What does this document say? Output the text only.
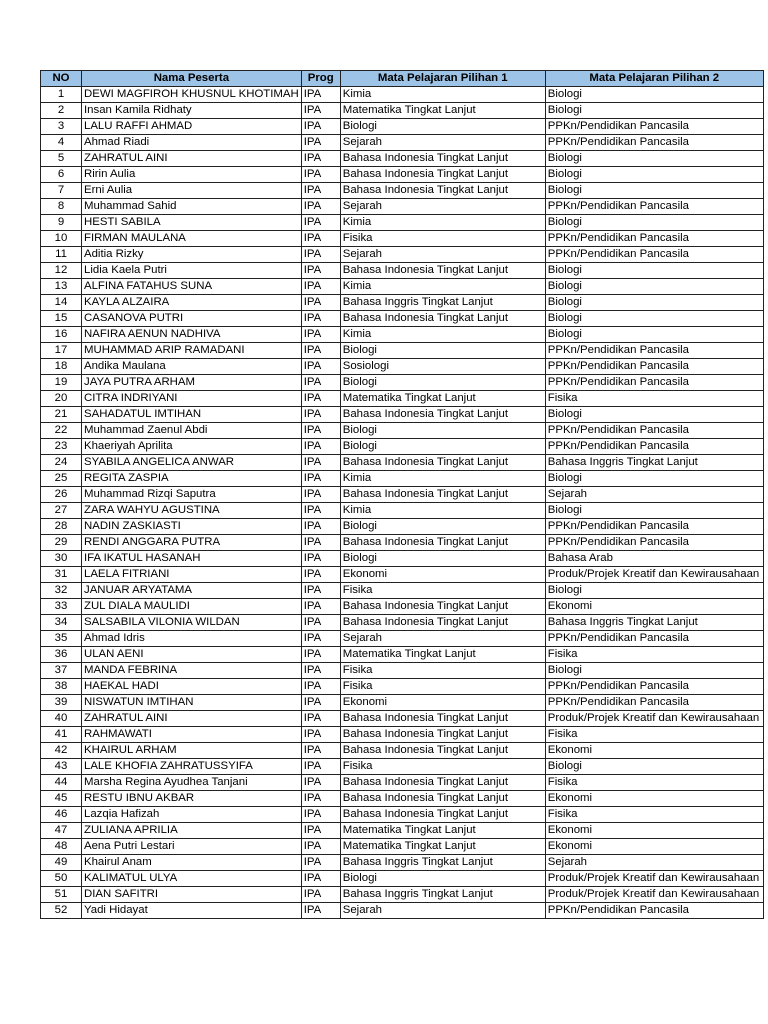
NO	Nama Peserta	Prog	Mata Pelajaran Pilihan 1	Mata Pelajaran Pilihan 2
1	DEWI MAGFIROH KHUSNUL KHOTIMAH	IPA	Kimia	Biologi
2	Insan Kamila Ridhaty	IPA	Matematika Tingkat Lanjut	Biologi
3	LALU RAFFI AHMAD	IPA	Biologi	PPKn/Pendidikan Pancasila
4	Ahmad Riadi	IPA	Sejarah	PPKn/Pendidikan Pancasila
5	ZAHRATUL AINI	IPA	Bahasa Indonesia Tingkat Lanjut	Biologi
6	Ririn Aulia	IPA	Bahasa Indonesia Tingkat Lanjut	Biologi
7	Erni Aulia	IPA	Bahasa Indonesia Tingkat Lanjut	Biologi
8	Muhammad Sahid	IPA	Sejarah	PPKn/Pendidikan Pancasila
9	HESTI SABILA	IPA	Kimia	Biologi
10	FIRMAN MAULANA	IPA	Fisika	PPKn/Pendidikan Pancasila
11	Aditia Rizky	IPA	Sejarah	PPKn/Pendidikan Pancasila
12	Lidia Kaela Putri	IPA	Bahasa Indonesia Tingkat Lanjut	Biologi
13	ALFINA FATAHUS SUNA	IPA	Kimia	Biologi
14	KAYLA ALZAIRA	IPA	Bahasa Inggris Tingkat Lanjut	Biologi
15	CASANOVA PUTRI	IPA	Bahasa Indonesia Tingkat Lanjut	Biologi
16	NAFIRA AENUN NADHIVA	IPA	Kimia	Biologi
17	MUHAMMAD ARIP RAMADANI	IPA	Biologi	PPKn/Pendidikan Pancasila
18	Andika Maulana	IPA	Sosiologi	PPKn/Pendidikan Pancasila
19	JAYA PUTRA ARHAM	IPA	Biologi	PPKn/Pendidikan Pancasila
20	CITRA INDRIYANI	IPA	Matematika Tingkat Lanjut	Fisika
21	SAHADATUL IMTIHAN	IPA	Bahasa Indonesia Tingkat Lanjut	Biologi
22	Muhammad Zaenul Abdi	IPA	Biologi	PPKn/Pendidikan Pancasila
23	Khaeriyah Aprilita	IPA	Biologi	PPKn/Pendidikan Pancasila
24	SYABILA ANGELICA ANWAR	IPA	Bahasa Indonesia Tingkat Lanjut	Bahasa Inggris Tingkat Lanjut
25	REGITA ZASPIA	IPA	Kimia	Biologi
26	Muhammad Rizqi Saputra	IPA	Bahasa Indonesia Tingkat Lanjut	Sejarah
27	ZARA WAHYU AGUSTINA	IPA	Kimia	Biologi
28	NADIN ZASKIASTI	IPA	Biologi	PPKn/Pendidikan Pancasila
29	RENDI ANGGARA PUTRA	IPA	Bahasa Indonesia Tingkat Lanjut	PPKn/Pendidikan Pancasila
30	IFA IKATUL HASANAH	IPA	Biologi	Bahasa Arab
31	LAELA FITRIANI	IPA	Ekonomi	Produk/Projek Kreatif dan Kewirausahaan
32	JANUAR ARYATAMA	IPA	Fisika	Biologi
33	ZUL DIALA MAULIDI	IPA	Bahasa Indonesia Tingkat Lanjut	Ekonomi
34	SALSABILA VILONIA WILDAN	IPA	Bahasa Indonesia Tingkat Lanjut	Bahasa Inggris Tingkat Lanjut
35	Ahmad Idris	IPA	Sejarah	PPKn/Pendidikan Pancasila
36	ULAN AENI	IPA	Matematika Tingkat Lanjut	Fisika
37	MANDA FEBRINA	IPA	Fisika	Biologi
38	HAEKAL HADI	IPA	Fisika	PPKn/Pendidikan Pancasila
39	NISWATUN IMTIHAN	IPA	Ekonomi	PPKn/Pendidikan Pancasila
40	ZAHRATUL AINI	IPA	Bahasa Indonesia Tingkat Lanjut	Produk/Projek Kreatif dan Kewirausahaan
41	RAHMAWATI	IPA	Bahasa Indonesia Tingkat Lanjut	Fisika
42	KHAIRUL ARHAM	IPA	Bahasa Indonesia Tingkat Lanjut	Ekonomi
43	LALE KHOFIA ZAHRATUSSYIFA	IPA	Fisika	Biologi
44	Marsha Regina Ayudhea Tanjani	IPA	Bahasa Indonesia Tingkat Lanjut	Fisika
45	RESTU IBNU AKBAR	IPA	Bahasa Indonesia Tingkat Lanjut	Ekonomi
46	Lazqia Hafizah	IPA	Bahasa Indonesia Tingkat Lanjut	Fisika
47	ZULIANA APRILIA	IPA	Matematika Tingkat Lanjut	Ekonomi
48	Aena Putri Lestari	IPA	Matematika Tingkat Lanjut	Ekonomi
49	Khairul Anam	IPA	Bahasa Inggris Tingkat Lanjut	Sejarah
50	KALIMATUL ULYA	IPA	Biologi	Produk/Projek Kreatif dan Kewirausahaan
51	DIAN SAFITRI	IPA	Bahasa Inggris Tingkat Lanjut	Produk/Projek Kreatif dan Kewirausahaan
52	Yadi Hidayat	IPA	Sejarah	PPKn/Pendidikan Pancasila
